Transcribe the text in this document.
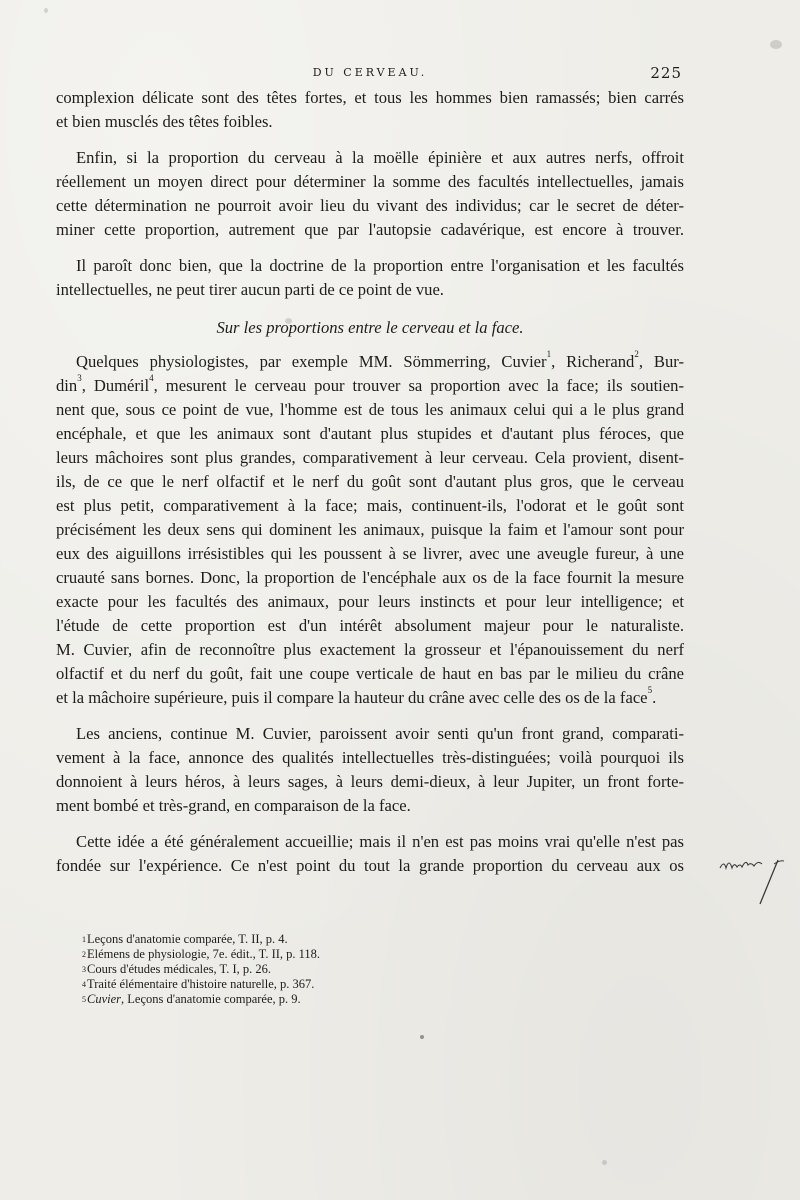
DU CERVEAU.	225
complexion délicate sont des têtes fortes, et tous les hommes bien ramassés; bien carrés
et bien musclés des têtes foibles.
Enfin, si la proportion du cerveau à la moëlle épinière et aux autres nerfs, offroit
réellement un moyen direct pour déterminer la somme des facultés intellectuelles, jamais
cette détermination ne pourroit avoir lieu du vivant des individus; car le secret de déter-
miner cette proportion, autrement que par l'autopsie cadavérique, est encore à trouver.
Il paroît donc bien, que la doctrine de la proportion entre l'organisation et les facultés
intellectuelles, ne peut tirer aucun parti de ce point de vue.
Sur les proportions entre le cerveau et la face.
Quelques physiologistes, par exemple MM. Sömmerring, Cuvier$^1$, Richerand$^2$, Bur-
din$^3$, Duméril$^4$, mesurent le cerveau pour trouver sa proportion avec la face; ils soutien-
nent que, sous ce point de vue, l'homme est de tous les animaux celui qui a le plus grand
encéphale, et que les animaux sont d'autant plus stupides et d'autant plus féroces, que
leurs mâchoires sont plus grandes, comparativement à leur cerveau. Cela provient, disent-
ils, de ce que le nerf olfactif et le nerf du goût sont d'autant plus gros, que le cerveau
est plus petit, comparativement à la face; mais, continuent-ils, l'odorat et le goût sont
précisément les deux sens qui dominent les animaux, puisque la faim et l'amour sont pour
eux des aiguillons irrésistibles qui les poussent à se livrer, avec une aveugle fureur, à une
cruauté sans bornes. Donc, la proportion de l'encéphale aux os de la face fournit la mesure
exacte pour les facultés des animaux, pour leurs instincts et pour leur intelligence; et
l'étude de cette proportion est d'un intérêt absolument majeur pour le naturaliste.
M. Cuvier, afin de reconnoître plus exactement la grosseur et l'épanouissement du nerf
olfactif et du nerf du goût, fait une coupe verticale de haut en bas par le milieu du crâne
et la mâchoire supérieure, puis il compare la hauteur du crâne avec celle des os de la face$^5$.
Les anciens, continue M. Cuvier, paroissent avoir senti qu'un front grand, comparati-
vement à la face, annonce des qualités intellectuelles très-distinguées; voilà pourquoi ils
donnoient à leurs héros, à leurs sages, à leurs demi-dieux, à leur Jupiter, un front forte-
ment bombé et très-grand, en comparaison de la face.
Cette idée a été généralement accueillie; mais il n'en est pas moins vrai qu'elle n'est pas
fondée sur l'expérience. Ce n'est point du tout la grande proportion du cerveau aux os
$^1$Leçons d'anatomie comparée, T. II, p. 4.
$^2$Elémens de physiologie, 7e. édit., T. II, p. 118.
$^3$Cours d'études médicales, T. I, p. 26.
$^4$Traité élémentaire d'histoire naturelle, p. 367.
$^5$Cuvier, Leçons d'anatomie comparée, p. 9.
